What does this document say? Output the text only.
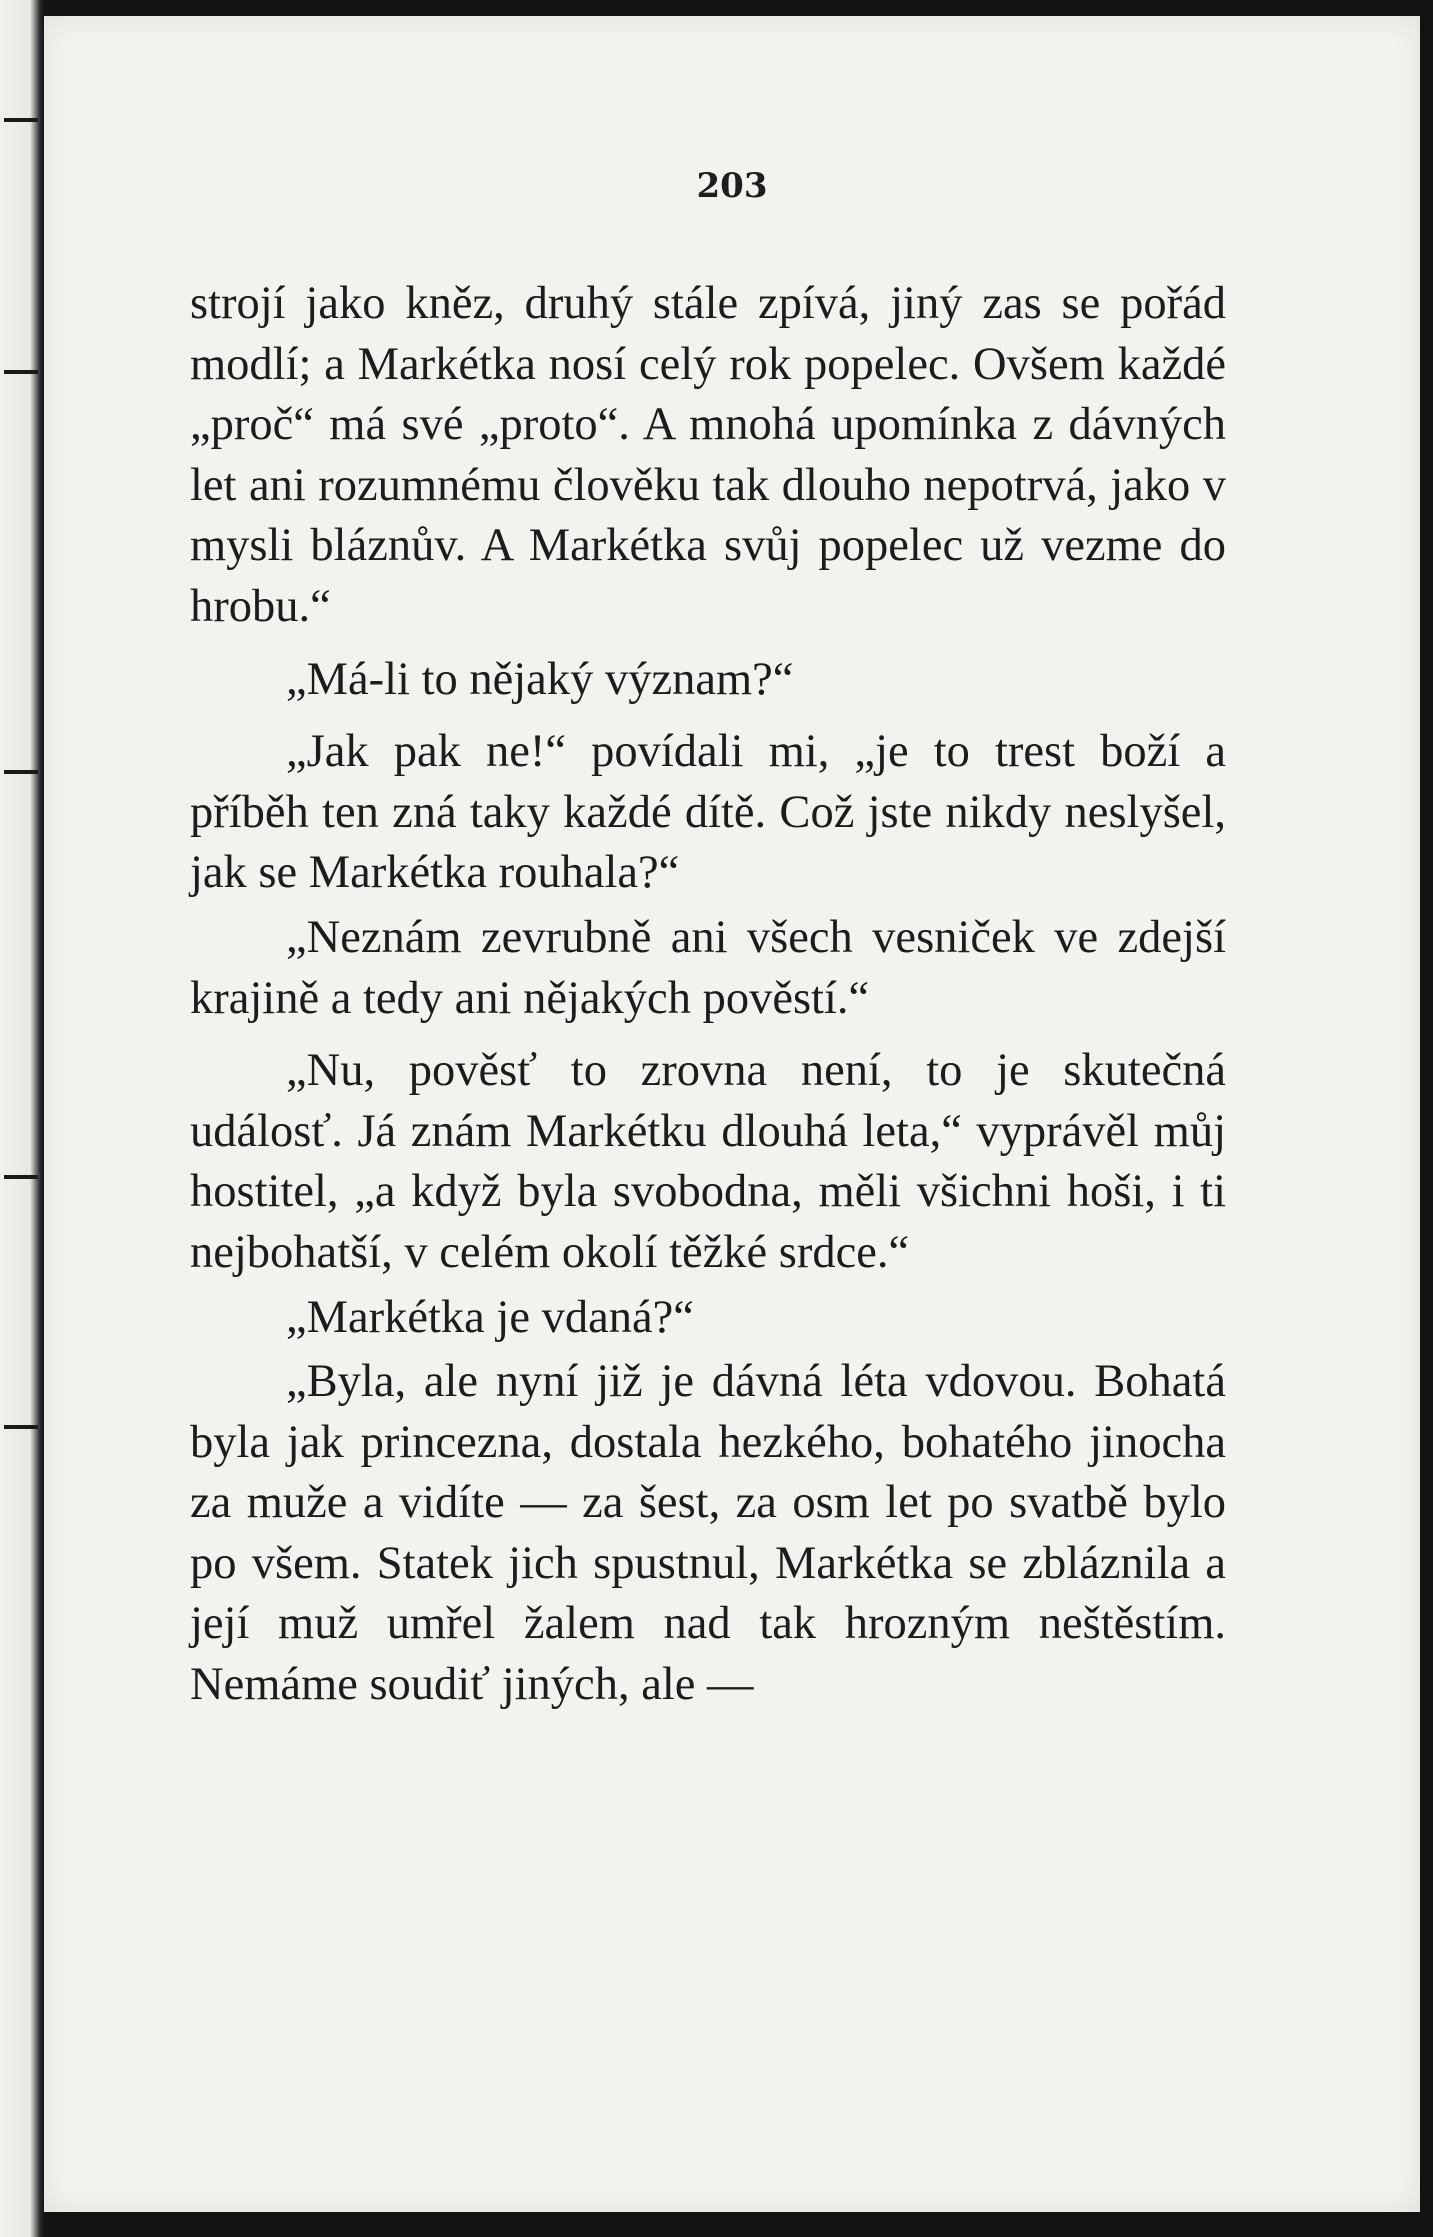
203

strojí jako kněz, druhý stále zpívá, jiný zas se pořád modlí; a Markétka nosí celý rok popelec. Ovšem každé „proč“ má své „proto“. A mnohá upomínka z dávných let ani rozumnému člověku tak dlouho nepotrvá, jako v mysli bláznův. A Markétka svůj popelec už vezme do hrobu.“

„Má-li to nějaký význam?“

„Jak pak ne!“ povídali mi, „je to trest boží a příběh ten zná taky každé dítě. Což jste nikdy neslyšel, jak se Markétka rouhala?“

„Neznám zevrubně ani všech vesniček ve zdejší krajině a tedy ani nějakých pověstí.“

„Nu, pověsť to zrovna není, to je skutečná událosť. Já znám Markétku dlouhá leta,“ vyprávěl můj hostitel, „a když byla svobodna, měli všichni hoši, i ti nejbohatší, v celém okolí těžké srdce.“

„Markétka je vdaná?“

„Byla, ale nyní již je dávná léta vdovou. Bohatá byla jak princezna, dostala hezkého, bohatého jinocha za muže a vidíte — za šest, za osm let po svatbě bylo po všem. Statek jich spustnul, Markétka se zbláznila a její muž umřel žalem nad tak hrozným neštěstím. Nemáme soudiť jiných, ale —
